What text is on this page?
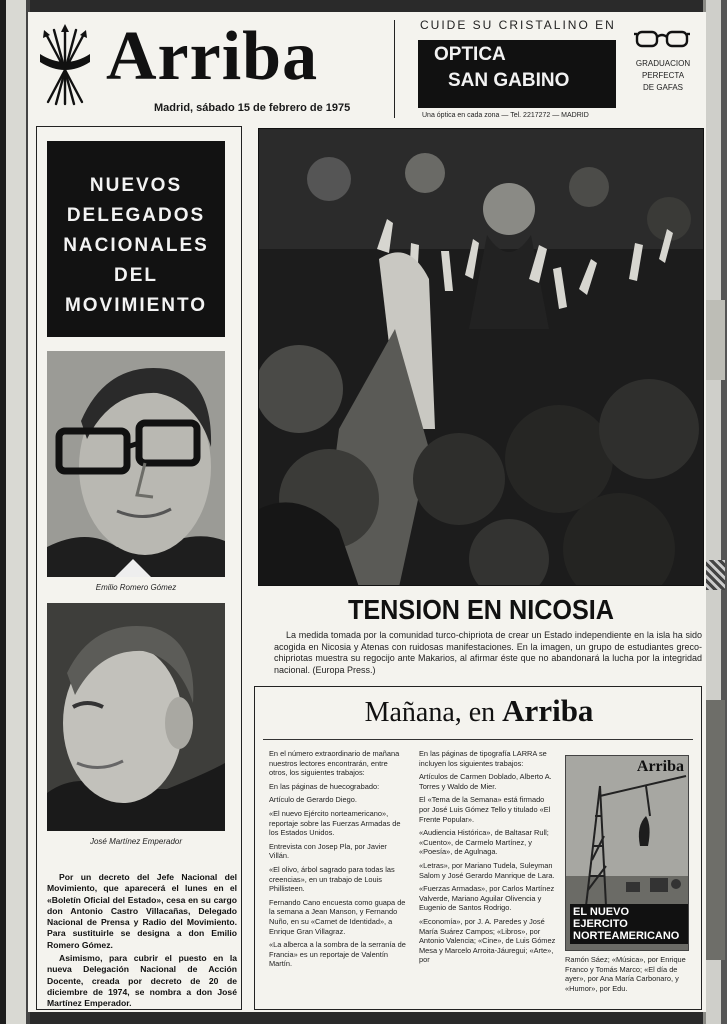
Arriba
Madrid, sábado 15 de febrero de 1975
CUIDE SU CRISTALINO EN
OPTICA
SAN GABINO
Una óptica en cada zona — Tel. 2217272 — MADRID
GRADUACION
PERFECTA
DE GAFAS
NUEVOS
DELEGADOS
NACIONALES
DEL
MOVIMIENTO
Emilio Romero Gómez
José Martínez Emperador

Por un decreto del Jefe Nacional del Movimiento, que aparecerá el lunes en el «Boletín Oficial del Estado», cesa en su cargo don Antonio Castro Villacañas, Delegado Nacional de Prensa y Radio del Movimiento. Para sustituirle se designa a don Emilio Romero Gómez.

Asimismo, para cubrir el puesto en la nueva Delegación Nacional de Acción Docente, creada por decreto de 20 de diciembre de 1974, se nombra a don José Martínez Emperador.

TENSION EN NICOSIA
La medida tomada por la comunidad turco-chipriota de crear un Estado independiente en la isla ha sido acogida en Nicosia y Atenas con ruidosas manifestaciones. En la imagen, un grupo de estudiantes greco-chipriotas muestra su regocijo ante Makarios, al afirmar éste que no abandonará la lucha por la integridad nacional. (Europa Press.)
Mañana, en Arriba

En el número extraordinario de mañana nuestros lectores encontrarán, entre otros, los siguientes trabajos:

En las páginas de huecograbado:

Artículo de Gerardo Diego.

«El nuevo Ejército norteamericano», reportaje sobre las Fuerzas Armadas de los Estados Unidos.

Entrevista con Josep Pla, por Javier Villán.

«El olivo, árbol sagrado para todas las creencias», en un trabajo de Louis Phillisteen.

Fernando Cano encuesta como guapa de la semana a Jean Manson, y Fernando Nuño, en su «Carnet de Identidad», a Enrique Gran Villagraz.

«La alberca a la sombra de la serranía de Francia» es un reportaje de Valentín Martín.

En las páginas de tipografía LARRA se incluyen los siguientes trabajos:

Artículos de Carmen Doblado, Alberto A. Torres y Waldo de Mier.

El «Tema de la Semana» está firmado por José Luis Gómez Tello y titulado «El Frente Popular».

«Audiencia Histórica», de Baltasar Rull; «Cuento», de Carmelo Martínez, y «Poesía», de Agulnaga.

«Letras», por Mariano Tudela, Suleyman Salom y José Gerardo Manrique de Lara.

«Fuerzas Armadas», por Carlos Martínez Valverde, Mariano Aguilar Olivencia y Eugenio de Santos Rodrigo.

«Economía», por J. A. Paredes y José María Suárez Campos; «Libros», por Antonio Valencia; «Cine», de Luis Gómez Mesa y Marcelo Arroita-Jáuregui; «Arte», por

Arriba
EL NUEVO EJERCITO NORTEAMERICANO
Ramón Sáez; «Música», por Enrique Franco y Tomás Marco; «El día de ayer», por Ana María Carbonaro, y «Humor», por Edu.
